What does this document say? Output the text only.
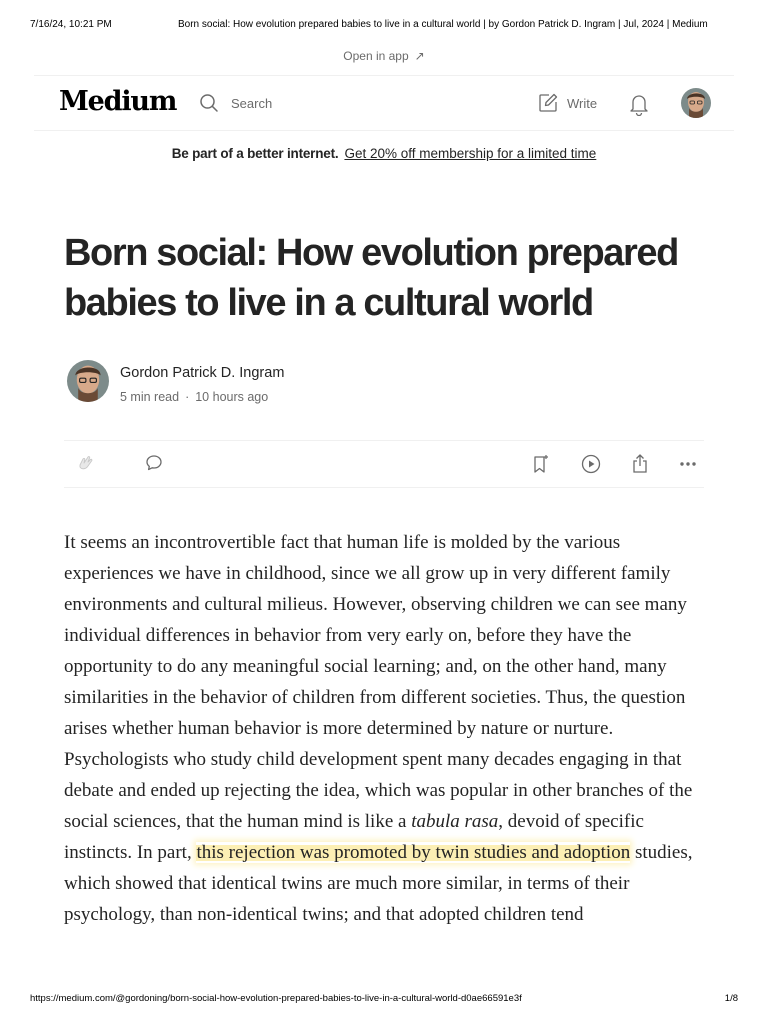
7/16/24, 10:21 PM	Born social: How evolution prepared babies to live in a cultural world | by Gordon Patrick D. Ingram | Jul, 2024 | Medium
Open in app ↗
Medium	Search	Write
Be part of a better internet. Get 20% off membership for a limited time
Born social: How evolution prepared babies to live in a cultural world
Gordon Patrick D. Ingram
5 min read · 10 hours ago

It seems an incontrovertible fact that human life is molded by the various experiences we have in childhood, since we all grow up in very different family environments and cultural milieus. However, observing children we can see many individual differences in behavior from very early on, before they have the opportunity to do any meaningful social learning; and, on the other hand, many similarities in the behavior of children from different societies. Thus, the question arises whether human behavior is more determined by nature or nurture. Psychologists who study child development spent many decades engaging in that debate and ended up rejecting the idea, which was popular in other branches of the social sciences, that the human mind is like a tabula rasa, devoid of specific instincts. In part, this rejection was promoted by twin studies and adoption studies, which showed that identical twins are much more similar, in terms of their psychology, than non-identical twins; and that adopted children tend

https://medium.com/@gordoning/born-social-how-evolution-prepared-babies-to-live-in-a-cultural-world-d0ae66591e3f	1/8
